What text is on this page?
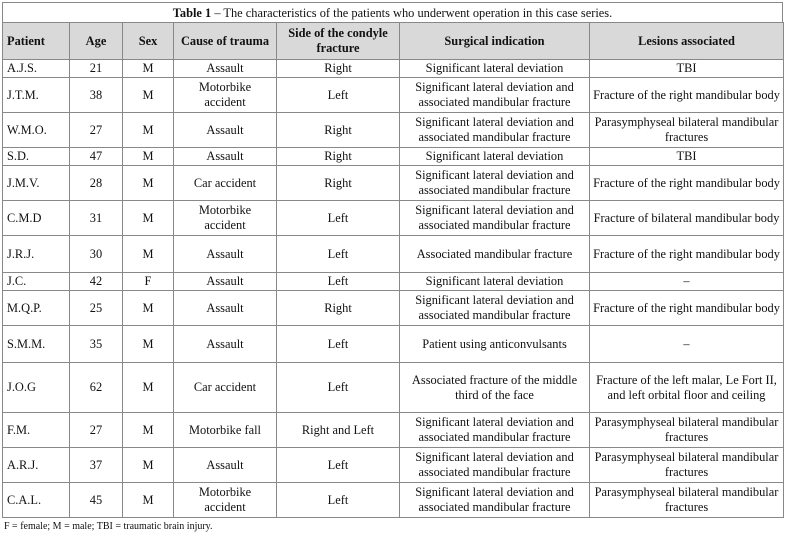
Table 1 – The characteristics of the patients who underwent operation in this case series.
Patient	Age	Sex	Cause of trauma	Side of the condyle fracture	Surgical indication	Lesions associated
A.J.S.	21	M	Assault	Right	Significant lateral deviation	TBI
J.T.M.	38	M	Motorbike accident	Left	Significant lateral deviation and associated mandibular fracture	Fracture of the right mandibular body
W.M.O.	27	M	Assault	Right	Significant lateral deviation and associated mandibular fracture	Parasymphyseal bilateral mandibular fractures
S.D.	47	M	Assault	Right	Significant lateral deviation	TBI
J.M.V.	28	M	Car accident	Right	Significant lateral deviation and associated mandibular fracture	Fracture of the right mandibular body
C.M.D	31	M	Motorbike accident	Left	Significant lateral deviation and associated mandibular fracture	Fracture of bilateral mandibular body
J.R.J.	30	M	Assault	Left	Associated mandibular fracture	Fracture of the right mandibular body
J.C.	42	F	Assault	Left	Significant lateral deviation	–
M.Q.P.	25	M	Assault	Right	Significant lateral deviation and associated mandibular fracture	Fracture of the right mandibular body
S.M.M.	35	M	Assault	Left	Patient using anticonvulsants	–
J.O.G	62	M	Car accident	Left	Associated fracture of the middle third of the face	Fracture of the left malar, Le Fort II, and left orbital floor and ceiling
F.M.	27	M	Motorbike fall	Right and Left	Significant lateral deviation and associated mandibular fracture	Parasymphyseal bilateral mandibular fractures
A.R.J.	37	M	Assault	Left	Significant lateral deviation and associated mandibular fracture	Parasymphyseal bilateral mandibular fractures
C.A.L.	45	M	Motorbike accident	Left	Significant lateral deviation and associated mandibular fracture	Parasymphyseal bilateral mandibular fractures
F = female; M = male; TBI = traumatic brain injury.
